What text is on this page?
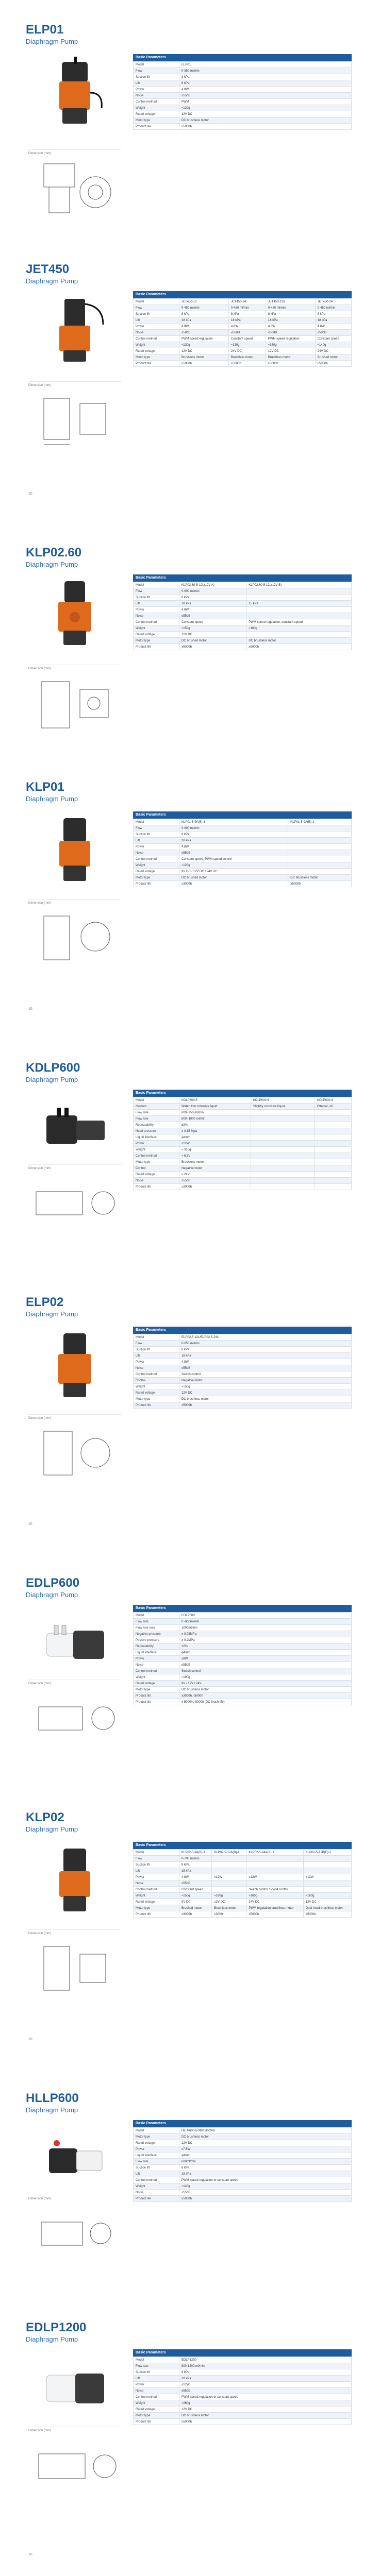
ELP01
Diaphragm Pump
Dimension (mm)
Basic Parameters
Model	ELP01
Flow	0-850 ml/min
Suction lift	8 kPa
Lift	8 kPa
Power	4.8W
Noise	≤55dB
Control method	PWM
Weight	≈120g
Rated voltage	12V DC
Motor type	DC brushless motor
Product life	≥5000h
JET450
Diaphragm Pump
Dimension (mm)
Basic Parameters
Model	JET450-12	JET450-24	JET450-12B	JET450-24
Flow	0-450 ml/min	0-450 ml/min	0-450 ml/min	0-450 ml/min
Suction lift	8 kPa	8 kPa	8 kPa	8 kPa
Lift	18 kPa	18 kPa	18 kPa	18 kPa
Power	4.8W	4.8W	4.8W	4.8W
Noise	≤50dB	≤50dB	≤50dB	≤50dB
Control method	PWM speed regulation	Constant speed	PWM speed regulation	Constant speed
Weight	≈130g	≈130g	≈140g	≈140g
Rated voltage	12V DC	24V DC	12V DC	24V DC
Motor type	Brushless motor	Brushless motor	Brushless motor	Brushed motor
Product life	≥5000h	≥5000h	≥5000h	≥5000h
16
KLP02.60
Diaphragm Pump
Dimension (mm)
Basic Parameters
Model	KLP02.60-5-12L(12V A)	KLP02.60-5-12L(12V B)
Flow	0-600 ml/min	
Suction lift	8 kPa	
Lift	18 kPa	15 kPa
Power	4.8W	
Noise	≤55dB	
Control method	Constant speed	PWM speed regulation, constant speed
Weight	≈150g	≈160g
Rated voltage	12V DC	
Motor type	DC brushed motor	DC brushless motor
Product life	≥5000h	≥5000h
KLP01
Diaphragm Pump
Dimension (mm)
Basic Parameters
Model	KLP01-5-9A(B)-1	KLP01-5-9A(B)-1
Flow	0-800 ml/min	
Suction lift	8 kPa	
Lift	18 kPa	
Power	4.8W	
Noise	≤55dB	
Control method	Constant speed, PWM speed control	
Weight	≈120g	
Rated voltage	9V DC / 12V DC / 24V DC	
Motor type	DC brushed motor	DC brushless motor
Product life	≥3000h	≥5000h
16
KDLP600
Diaphragm Pump
Dimension (mm)
Basic Parameters
Model	KDLP600-5	KDLP600-6	KDLP600-8
Medium	Water, low corrosive liquid	Slightly corrosive liquid	Ethanol, oil
Flow rate	600~750 ml/min		
Flow rate	800~1000 ml/min		
Repeatability	±2%		
Head pressure	≥ 0.15 Mpa		
Liquid interface	φ4mm		
Power	≤12W		
Weight	≈ 310g		
Control method	≈ 6.5V		
Motor type	Brushless motor		
Control	Negative motor		
Rated voltage	≥ 24V		
Noise	≤55dB		
Product life	≥3000h		
ELP02
Diaphragm Pump
Dimension (mm)
Basic Parameters
Model	ELP02-5-12L/ELP02-5-24L
Flow	0-850 ml/min
Suction lift	8 kPa
Lift	18 kPa
Power	4.8W
Noise	≤55dB
Control method	Switch control
Control	Negative motor
Weight	≈150g
Rated voltage	12V DC
Motor type	DC brushless motor
Product life	≥5000h
16
EDLP600
Diaphragm Pump
Dimension (mm)
Basic Parameters
Model	EDLP600
Flow rate	0~600ml/min
Flow rate max	1000ml/min
Negative pressure	≥ 0.08MPa
Positive pressure	≥ 0.2MPa
Repeatability	±2%
Liquid interface	φ4mm
Power	≤8W
Noise	≤55dB
Control method	Switch control
Weight	≈190g
Rated voltage	9V / 12V / 24V
Motor type	DC brushless motor
Product life	≥3000h / 5000h
Product life	≥ 5000h / 8000h (DC brush life)
KLP02
Diaphragm Pump
Dimension (mm)
Basic Parameters
Model	KLP02-5-9A(B)-1	KLP02-5-12A(B)-1	KLP02-5-24A(B)-1	KLP02-5-12B(E)-1
Flow	0-700 ml/min			
Suction lift	8 kPa			
Lift	18 kPa			
Power	4.8W	≤12W	≤12W	≤12W
Noise	≤55dB			
Control method	Constant speed		Switch control / PWM control	
Weight	≈150g	≈160g	≈160g	≈160g
Rated voltage	9V DC	12V DC	24V DC	12V DC
Motor type	Brushed motor	Brushless motor	PWM regulation brushless motor	Dual-head brushless motor
Product life	≥3000h	≥3000h	≥5000h	≥5000h
16
HLLP600
Diaphragm Pump
Dimension (mm)
Basic Parameters
Model	HLLP600-5-9B/12B/24B
Motor type	DC brushless motor
Rated voltage	12V DC
Power	≤7.5W
Liquid interface	φ4mm
Flow rate	600ml/min
Suction lift	8 kPa
Lift	18 kPa
Control method	PWM speed regulation or constant speed
Weight	≈140g
Noise	≤55dB
Product life	≥5000h
EDLP1200
Diaphragm Pump
Dimension (mm)
Basic Parameters
Model	EDLP1200
Flow rate	800-1200 ml/min
Suction lift	8 kPa
Lift	18 kPa
Power	≤12W
Noise	≤55dB
Control method	PWM speed regulation or constant speed
Weight	≈260g
Rated voltage	12V DC
Motor type	DC brushless motor
Product life	≥5000h
16
